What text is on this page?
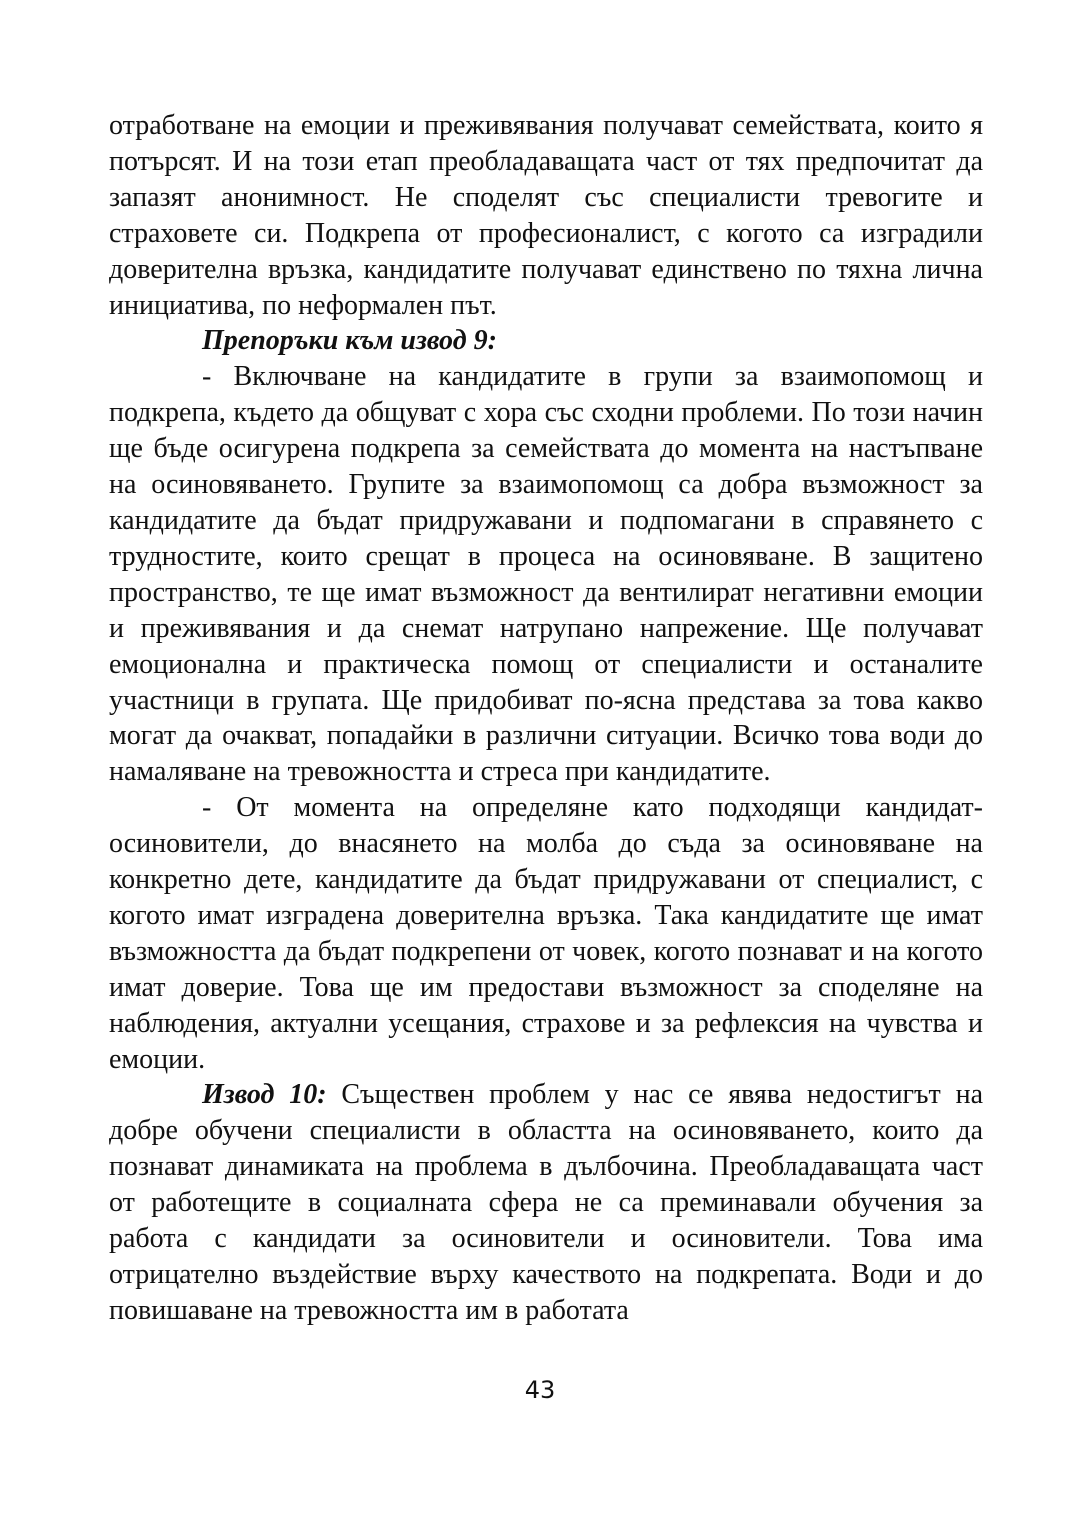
отработване на емоции и преживявания получават семействата, които я потърсят. И на този етап преобладаващата част от тях предпочитат да запазят анонимност. Не споделят със специалисти тревогите и страховете си. Подкрепа от професионалист, с когото са изградили доверителна връзка, кандидатите получават единствено по тяхна лична инициатива, по неформален път.

Препоръки към извод 9:

- Включване на кандидатите в групи за взаимопомощ и подкрепа, където да общуват с хора със сходни проблеми. По този начин ще бъде осигурена подкрепа за семействата до момента на настъпване на осиновяването. Групите за взаимопомощ са добра възможност за кандидатите да бъдат придружавани и подпомагани в справянето с трудностите, които срещат в процеса на осиновяване. В защитено пространство, те ще имат възможност да вентилират негативни емоции и преживявания и да снемат натрупано напрежение. Ще получават емоционална и практическа помощ от специалисти и останалите участници в групата. Ще придобиват по-ясна представа за това какво могат да очакват, попадайки в различни ситуации. Всичко това води до намаляване на тревожността и стреса при кандидатите.

- От момента на определяне като подходящи кандидат-осиновители, до внасянето на молба до съда за осиновяване на конкретно дете, кандидатите да бъдат придружавани от специалист, с когото имат изградена доверителна връзка. Така кандидатите ще имат възможността да бъдат подкрепени от човек, когото познават и на когото имат доверие. Това ще им предостави възможност за споделяне на наблюдения, актуални усещания, страхове и за рефлексия на чувства и емоции.

Извод 10: Съществен проблем у нас се явява недостигът на добре обучени специалисти в областта на осиновяването, които да познават динамиката на проблема в дълбочина. Преобладаващата част от работещите в социалната сфера не са преминавали обучения за работа с кандидати за осиновители и осиновители. Това има отрицателно въздействие върху качеството на подкрепата. Води и до повишаване на тревожността им в работата

43
